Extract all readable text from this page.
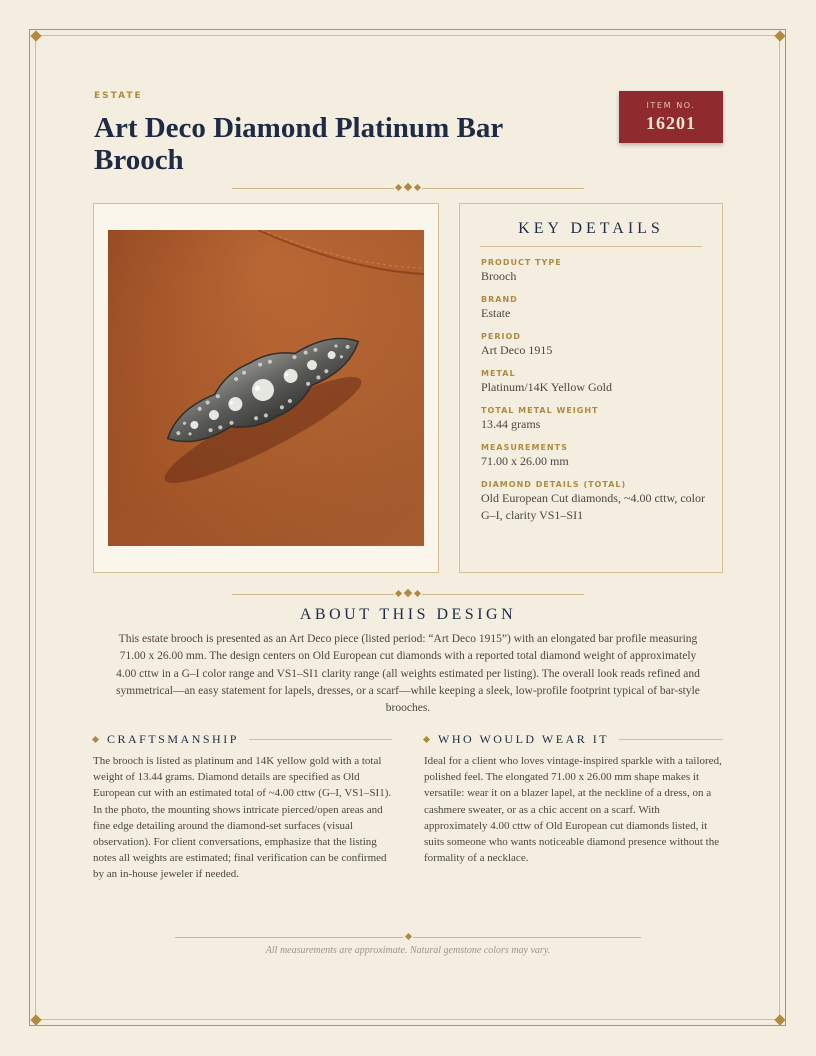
ESTATE
Art Deco Diamond Platinum Bar Brooch
ITEM NO.
16201
KEY DETAILS
PRODUCT TYPE
Brooch
BRAND
Estate
PERIOD
Art Deco 1915
METAL
Platinum/14K Yellow Gold
TOTAL METAL WEIGHT
13.44 grams
MEASUREMENTS
71.00 x 26.00 mm
DIAMOND DETAILS (TOTAL)
Old European Cut diamonds, ~4.00 cttw, color G–I, clarity VS1–SI1
ABOUT THIS DESIGN

This estate brooch is presented as an Art Deco piece (listed period: “Art Deco 1915”) with an elongated bar profile measuring 71.00 x 26.00 mm. The design centers on Old European cut diamonds with a reported total diamond weight of approximately 4.00 cttw in a G–I color range and VS1–SI1 clarity range (all weights estimated per listing). The overall look reads refined and symmetrical—an easy statement for lapels, dresses, or a scarf—while keeping a sleek, low-profile footprint typical of bar-style brooches.

CRAFTSMANSHIP

The brooch is listed as platinum and 14K yellow gold with a total weight of 13.44 grams. Diamond details are specified as Old European cut with an estimated total of ~4.00 cttw (G–I, VS1–SI1). In the photo, the mounting shows intricate pierced/open areas and fine edge detailing around the diamond-set surfaces (visual observation). For client conversations, emphasize that the listing notes all weights are estimated; final verification can be confirmed by an in-house jeweler if needed.

WHO WOULD WEAR IT

Ideal for a client who loves vintage-inspired sparkle with a tailored, polished feel. The elongated 71.00 x 26.00 mm shape makes it versatile: wear it on a blazer lapel, at the neckline of a dress, on a cashmere sweater, or as a chic accent on a scarf. With approximately 4.00 cttw of Old European cut diamonds listed, it suits someone who wants noticeable diamond presence without the formality of a necklace.

All measurements are approximate. Natural gemstone colors may vary.
